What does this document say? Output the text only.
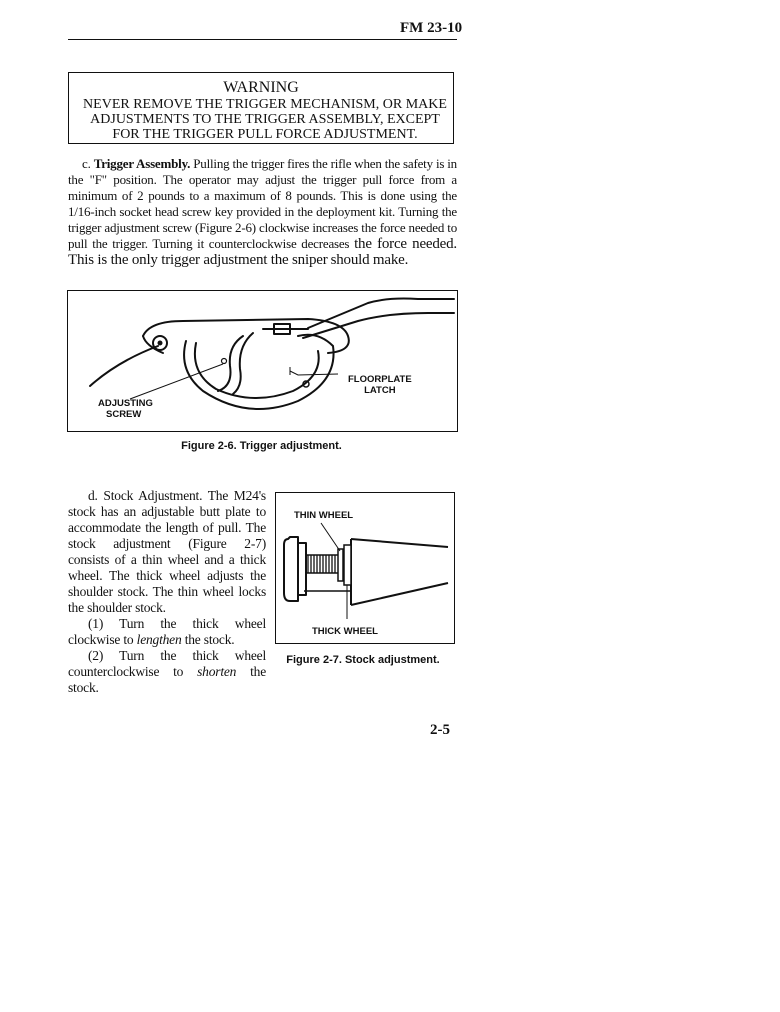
FM 23-10
WARNING
NEVER REMOVE THE TRIGGER MECHANISM, OR MAKE ADJUSTMENTS TO THE TRIGGER ASSEMBLY, EXCEPT FOR THE TRIGGER PULL FORCE ADJUSTMENT.
c. Trigger Assembly. Pulling the trigger fires the rifle when the safety is in the "F" position. The operator may adjust the trigger pull force from a minimum of 2 pounds to a maximum of 8 pounds. This is done using the 1/16-inch socket head screw key provided in the deployment kit. Turning the trigger adjustment screw (Figure 2-6) clockwise increases the force needed to pull the trigger. Turning it counterclockwise decreases the force needed. This is the only trigger adjustment the sniper should make.
ADJUSTING
SCREW
FLOORPLATE
LATCH
Figure 2-6. Trigger adjustment.

d. Stock Adjustment. The M24's stock has an adjustable butt plate to accommodate the length of pull. The stock adjustment (Figure 2-7) consists of a thin wheel and a thick wheel. The thick wheel adjusts the shoulder stock. The thin wheel locks the shoulder stock.

(1) Turn the thick wheel clockwise to lengthen the stock.

(2) Turn the thick wheel counterclockwise to shorten the stock.

THIN WHEEL
THICK WHEEL
Figure 2-7. Stock adjustment.
2-5
